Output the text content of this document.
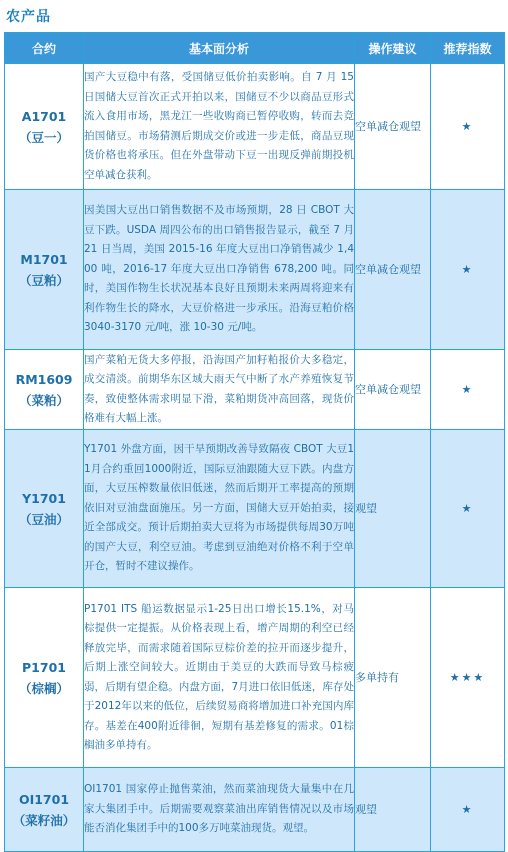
农产品
合约	基本面分析	操作建议	推荐指数

A1701
（豆一）	国产大豆稳中有落，受国储豆低价拍卖影响。自 7 月 15 日国储大豆首次正式开拍以来，国储豆不少以商品豆形式流入食用市场，黑龙江一些收购商已暂停收购，转而去竞拍国储豆。市场猜测后期成交价或进一步走低，商品豆现货价格也将承压。但在外盘带动下豆一出现反弹前期投机空单减仓获利。	空单减仓观望	★

M1701
（豆粕）	因美国大豆出口销售数据不及市场预期，28 日 CBOT 大豆下跌。USDA 周四公布的出口销售报告显示，截至 7 月 21 日当周，美国 2015-16 年度大豆出口净销售减少 1,400 吨，2016-17 年度大豆出口净销售 678,200 吨。同时，美国作物生长状况基本良好且预期未来两周将迎来有利作物生长的降水，大豆价格进一步承压。沿海豆粕价格 3040-3170 元/吨，涨 10-30 元/吨。	空单减仓观望	★

RM1609
（菜粕）	国产菜粕无货大多停报，沿海国产加籽粕报价大多稳定，成交清淡。前期华东区域大雨天气中断了水产养殖恢复节奏，致使整体需求明显下滑，菜粕期货冲高回落，现货价格难有大幅上涨。	空单减仓观望	★

Y1701
（豆油）	Y1701 外盘方面，因干旱预期改善导致隔夜 CBOT 大豆11月合约重回1000附近，国际豆油跟随大豆下跌。内盘方面，大豆压榨数量依旧低迷，然而后期开工率提高的预期依旧对豆油盘面施压。另一方面，国储大豆开始拍卖，接近全部成交。预计后期拍卖大豆将为市场提供每周30万吨的国产大豆，利空豆油。考虑到豆油绝对价格不利于空单开仓，暂时不建议操作。	观望	★

P1701
（棕榈）	P1701 ITS 船运数据显示1-25日出口增长15.1%，对马棕提供一定提振。从价格表现上看，增产周期的利空已经释放完毕，而需求随着国际豆棕价差的拉开而逐步提升，后期上涨空间较大。近期由于美豆的大跌而导致马棕疲弱，后期有望企稳。内盘方面，7月进口依旧低迷，库存处于2012年以来的低位，后续贸易商将增加进口补充国内库存。基差在400附近徘徊，短期有基差修复的需求。01棕榈油多单持有。	多单持有	★★★

OI1701
（菜籽油）	OI1701 国家停止抛售菜油，然而菜油现货大量集中在几家大集团手中。后期需要观察菜油出库销售情况以及市场能否消化集团手中的100多万吨菜油现货。观望。	观望	★
